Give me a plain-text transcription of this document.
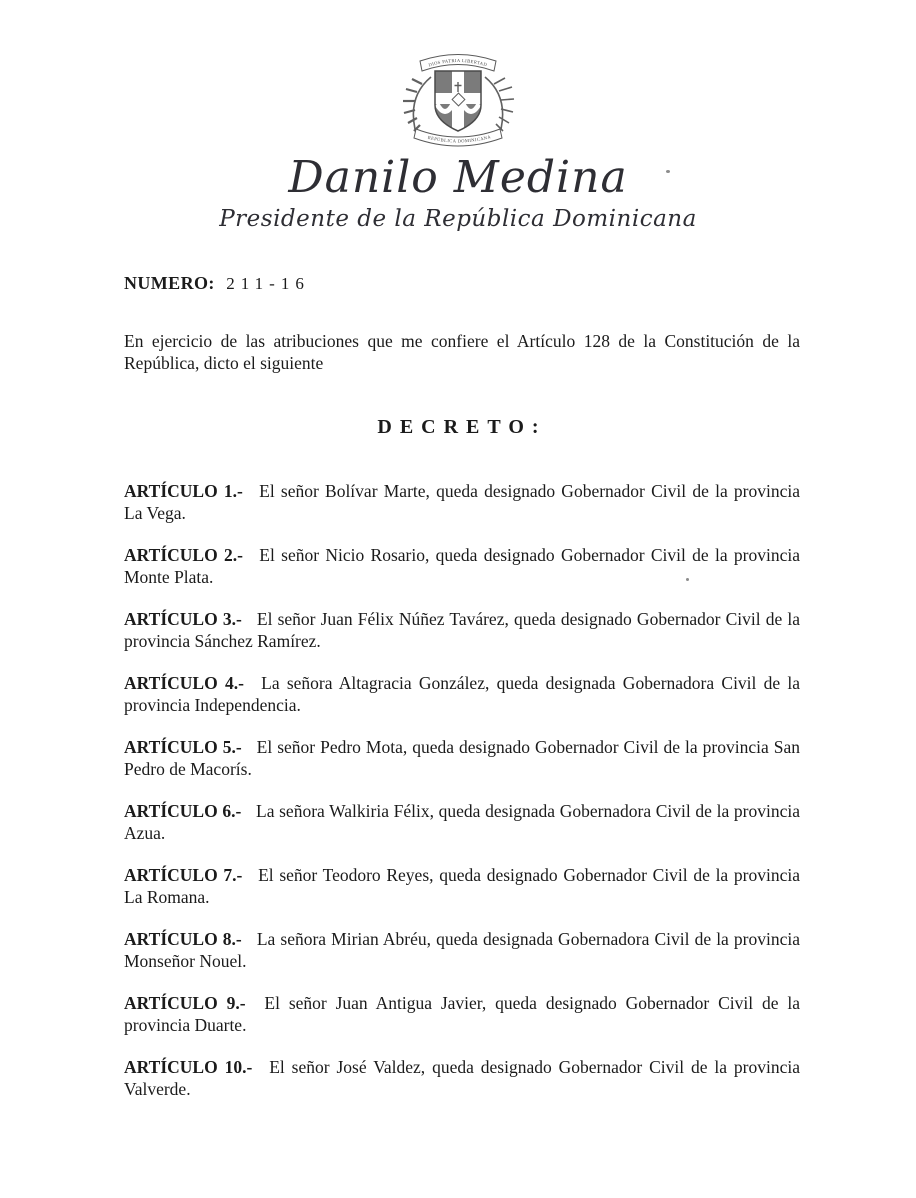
DIOS PATRIA LIBERTAD
REPÚBLICA DOMINICANA
Danilo Medina
Presidente de la República Dominicana

NUMERO: 211-16

En ejercicio de las atribuciones que me confiere el Artículo 128 de la Constitución de la República, dicto el siguiente

DECRETO:

ARTÍCULO 1.- El señor Bolívar Marte, queda designado Gobernador Civil de la provincia La Vega.

ARTÍCULO 2.- El señor Nicio Rosario, queda designado Gobernador Civil de la provincia Monte Plata.

ARTÍCULO 3.- El señor Juan Félix Núñez Tavárez, queda designado Gobernador Civil de la provincia Sánchez Ramírez.

ARTÍCULO 4.- La señora Altagracia González, queda designada Gobernadora Civil de la provincia Independencia.

ARTÍCULO 5.- El señor Pedro Mota, queda designado Gobernador Civil de la provincia San Pedro de Macorís.

ARTÍCULO 6.- La señora Walkiria Félix, queda designada Gobernadora Civil de la provincia Azua.

ARTÍCULO 7.- El señor Teodoro Reyes, queda designado Gobernador Civil de la provincia La Romana.

ARTÍCULO 8.- La señora Mirian Abréu, queda designada Gobernadora Civil de la provincia Monseñor Nouel.

ARTÍCULO 9.- El señor Juan Antigua Javier, queda designado Gobernador Civil de la provincia Duarte.

ARTÍCULO 10.- El señor José Valdez, queda designado Gobernador Civil de la provincia Valverde.
